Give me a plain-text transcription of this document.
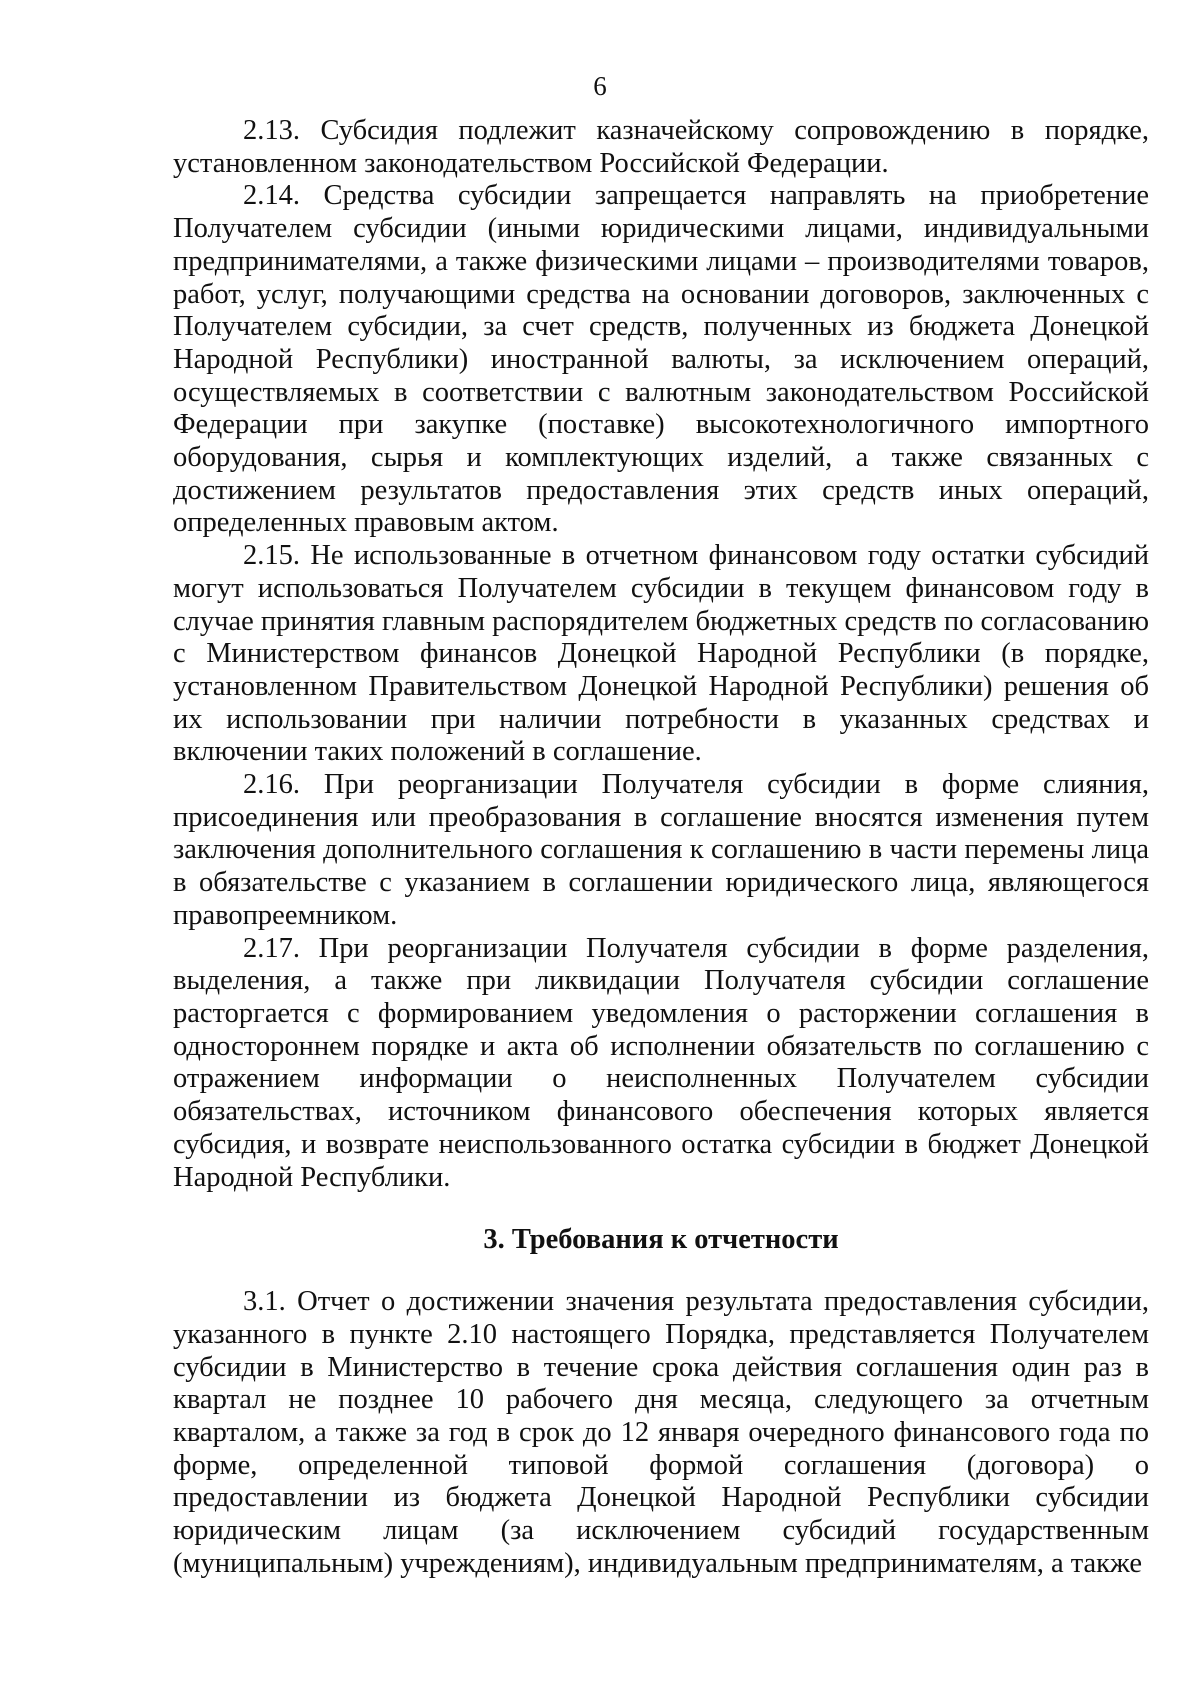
6

2.13. Субсидия подлежит казначейскому сопровождению в порядке, установленном законодательством Российской Федерации.

2.14. Средства субсидии запрещается направлять на приобретение Получателем субсидии (иными юридическими лицами, индивидуальными предпринимателями, а также физическими лицами – производителями товаров, работ, услуг, получающими средства на основании договоров, заключенных с Получателем субсидии, за счет средств, полученных из бюджета Донецкой Народной Республики) иностранной валюты, за исключением операций, осуществляемых в соответствии с валютным законодательством Российской Федерации при закупке (поставке) высокотехнологичного импортного оборудования, сырья и комплектующих изделий, а также связанных с достижением результатов предоставления этих средств иных операций, определенных правовым актом.

2.15. Не использованные в отчетном финансовом году остатки субсидий могут использоваться Получателем субсидии в текущем финансовом году в случае принятия главным распорядителем бюджетных средств по согласованию с Министерством финансов Донецкой Народной Республики (в порядке, установленном Правительством Донецкой Народной Республики) решения об их использовании при наличии потребности в указанных средствах и включении таких положений в соглашение.

2.16. При реорганизации Получателя субсидии в форме слияния, присоединения или преобразования в соглашение вносятся изменения путем заключения дополнительного соглашения к соглашению в части перемены лица в обязательстве с указанием в соглашении юридического лица, являющегося правопреемником.

2.17. При реорганизации Получателя субсидии в форме разделения, выделения, а также при ликвидации Получателя субсидии соглашение расторгается с формированием уведомления о расторжении соглашения в одностороннем порядке и акта об исполнении обязательств по соглашению с отражением информации о неисполненных Получателем субсидии обязательствах, источником финансового обеспечения которых является субсидия, и возврате неиспользованного остатка субсидии в бюджет Донецкой Народной Республики.

3. Требования к отчетности

3.1. Отчет о достижении значения результата предоставления субсидии, указанного в пункте 2.10 настоящего Порядка, представляется Получателем субсидии в Министерство в течение срока действия соглашения один раз в квартал не позднее 10 рабочего дня месяца, следующего за отчетным кварталом, а также за год в срок до 12 января очередного финансового года по форме, определенной типовой формой соглашения (договора) о предоставлении из бюджета Донецкой Народной Республики субсидии юридическим лицам (за исключением субсидий государственным (муниципальным) учреждениям), индивидуальным предпринимателям, а также
